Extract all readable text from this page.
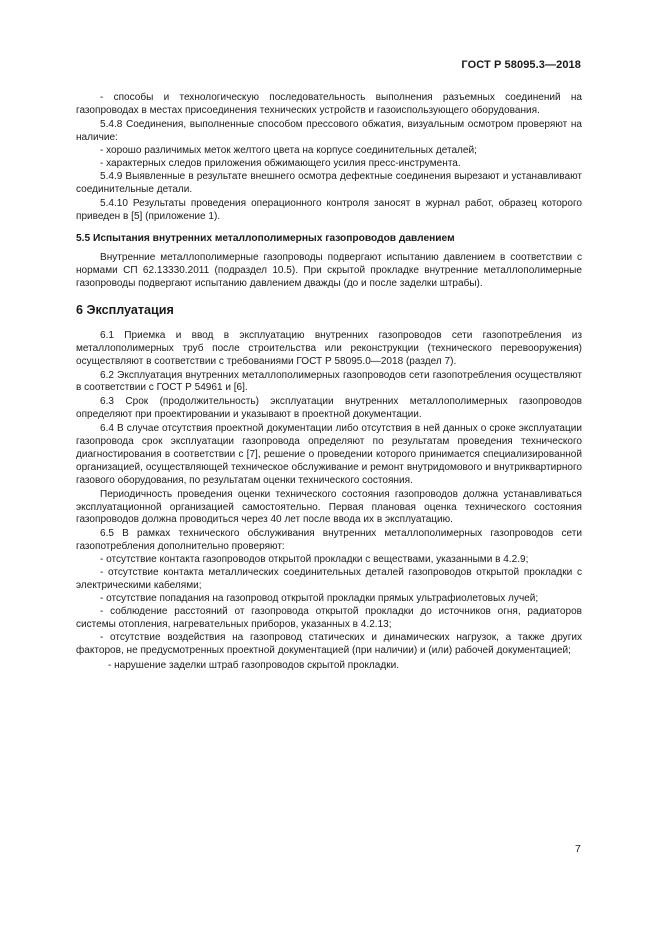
ГОСТ Р 58095.3—2018

- способы и технологическую последовательность выполнения разъемных соединений на газопроводах в местах присоединения технических устройств и газоиспользующего оборудования.

5.4.8 Соединения, выполненные способом прессового обжатия, визуальным осмотром проверяют на наличие:

- хорошо различимых меток желтого цвета на корпусе соединительных деталей;

- характерных следов приложения обжимающего усилия пресс-инструмента.

5.4.9 Выявленные в результате внешнего осмотра дефектные соединения вырезают и устанавливают соединительные детали.

5.4.10 Результаты проведения операционного контроля заносят в журнал работ, образец которого приведен в [5] (приложение 1).

5.5 Испытания внутренних металлополимерных газопроводов давлением

Внутренние металлополимерные газопроводы подвергают испытанию давлением в соответствии с нормами СП 62.13330.2011 (подраздел 10.5). При скрытой прокладке внутренние металлополимерные газопроводы подвергают испытанию давлением дважды (до и после заделки штрабы).

6 Эксплуатация

6.1 Приемка и ввод в эксплуатацию внутренних газопроводов сети газопотребления из металлополимерных труб после строительства или реконструкции (технического перевооружения) осуществляют в соответствии с требованиями ГОСТ Р 58095.0—2018 (раздел 7).

6.2 Эксплуатация внутренних металлополимерных газопроводов сети газопотребления осуществляют в соответствии с ГОСТ Р 54961 и [6].

6.3 Срок (продолжительность) эксплуатации внутренних металлополимерных газопроводов определяют при проектировании и указывают в проектной документации.

6.4 В случае отсутствия проектной документации либо отсутствия в ней данных о сроке эксплуатации газопровода срок эксплуатации газопровода определяют по результатам проведения технического диагностирования в соответствии с [7], решение о проведении которого принимается специализированной организацией, осуществляющей техническое обслуживание и ремонт внутридомового и внутриквартирного газового оборудования, по результатам оценки технического состояния.

Периодичность проведения оценки технического состояния газопроводов должна устанавливаться эксплуатационной организацией самостоятельно. Первая плановая оценка технического состояния газопроводов должна проводиться через 40 лет после ввода их в эксплуатацию.

6.5 В рамках технического обслуживания внутренних металлополимерных газопроводов сети газопотребления дополнительно проверяют:

- отсутствие контакта газопроводов открытой прокладки с веществами, указанными в 4.2.9;

- отсутствие контакта металлических соединительных деталей газопроводов открытой прокладки с электрическими кабелями;

- отсутствие попадания на газопровод открытой прокладки прямых ультрафиолетовых лучей;

- соблюдение расстояний от газопровода открытой прокладки до источников огня, радиаторов системы отопления, нагревательных приборов, указанных в 4.2.13;

- отсутствие воздействия на газопровод статических и динамических нагрузок, а также других факторов, не предусмотренных проектной документацией (при наличии) и (или) рабочей документацией;

- нарушение заделки штраб газопроводов скрытой прокладки.

7
